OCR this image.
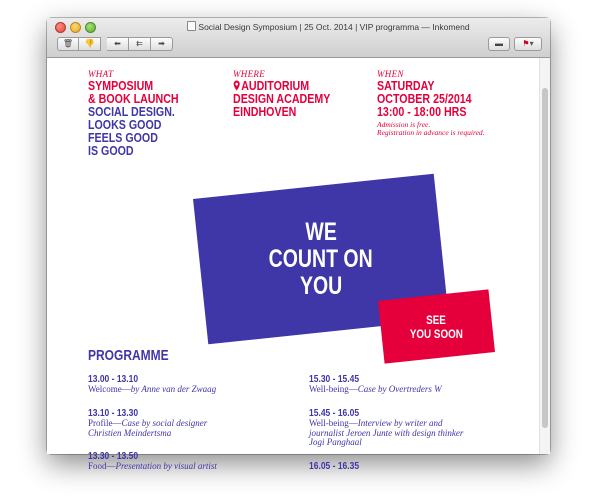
Social Design Symposium | 25 Oct. 2014 | VIP programma — Inkomend
🗑	👎	⬅	⇇	➡	▬	⚑▾
WHAT
SYMPOSIUM
& BOOK LAUNCH
SOCIAL DESIGN.
LOOKS GOOD
FEELS GOOD
IS GOOD
WHERE
AUDITORIUM
DESIGN ACADEMY
EINDHOVEN
WHEN
SATURDAY
OCTOBER 25/2014
13:00 - 18:00 HRS
Admission is free.
Registration in advance is required.
WE
COUNT ON
YOU
SEE
YOU SOON
PROGRAMME
13.00 - 13.10
Welcome—by Anne van der Zwaag
13.10 - 13.30
Profile—Case by social designer
Christien Meindertsma
13.30 - 13.50
Food—Presentation by visual artist
15.30 - 15.45
Well-being—Case by Overtreders W
15.45 - 16.05
Well-being—Interview by writer and
journalist Jeroen Junte with design thinker
Jogi Panghaal
16.05 - 16.35
